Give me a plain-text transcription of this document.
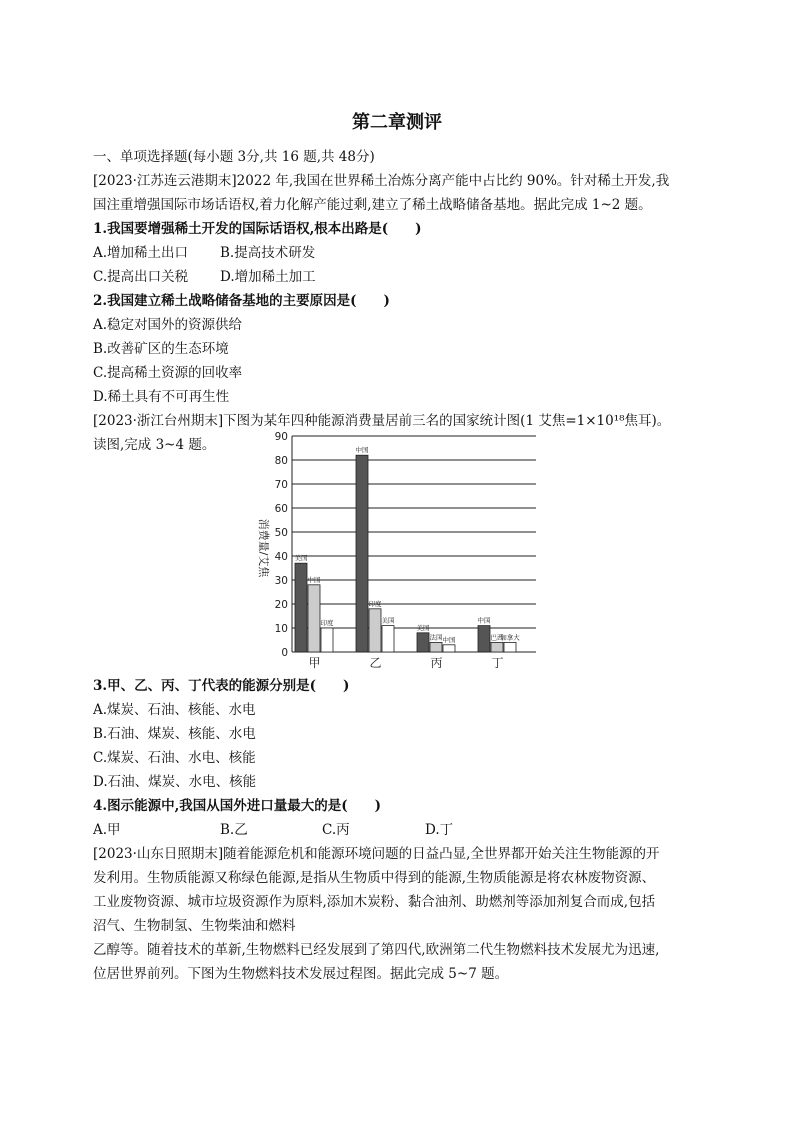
第二章测评
一、单项选择题(每小题 3分,共 16 题,共 48分)
[2023·江苏连云港期末]2022 年,我国在世界稀土冶炼分离产能中占比约 90%。针对稀土开发,我
国注重增强国际市场话语权,着力化解产能过剩,建立了稀土战略储备基地。据此完成 1~2 题。
1.我国要增强稀土开发的国际话语权,根本出路是(　　)
A.增加稀土出口 B.提高技术研发
C.提高出口关税 D.增加稀土加工
2.我国建立稀土战略储备基地的主要原因是(　　)
A.稳定对国外的资源供给
B.改善矿区的生态环境
C.提高稀土资源的回收率
D.稀土具有不可再生性
[2023·浙江台州期末]下图为某年四种能源消费量居前三名的国家统计图(1 艾焦=1×10¹⁸焦耳)。
读图,完成 3~4 题。
消费量/艾焦
0
10
20
30
40
50
60
70
80
90
美国
中国
印度
甲
中国
印度
美国
乙
美国
法国 中国
丙
中国
巴西
加拿大
丁
3.甲、乙、丙、丁代表的能源分别是(　　)
A.煤炭、石油、核能、水电
B.石油、煤炭、核能、水电
C.煤炭、石油、水电、核能
D.石油、煤炭、水电、核能
4.图示能源中,我国从国外进口量最大的是(　　)
A.甲	B.乙	C.丙	D.丁
[2023·山东日照期末]随着能源危机和能源环境问题的日益凸显,全世界都开始关注生物能源的开
发利用。生物质能源又称绿色能源,是指从生物质中得到的能源,生物质能源是将农林废物资源、
工业废物资源、城市垃圾资源作为原料,添加木炭粉、黏合油剂、助燃剂等添加剂复合而成,包括
沼气、生物制氢、生物柴油和燃料
乙醇等。随着技术的革新,生物燃料已经发展到了第四代,欧洲第二代生物燃料技术发展尤为迅速,
位居世界前列。下图为生物燃料技术发展过程图。据此完成 5~7 题。
